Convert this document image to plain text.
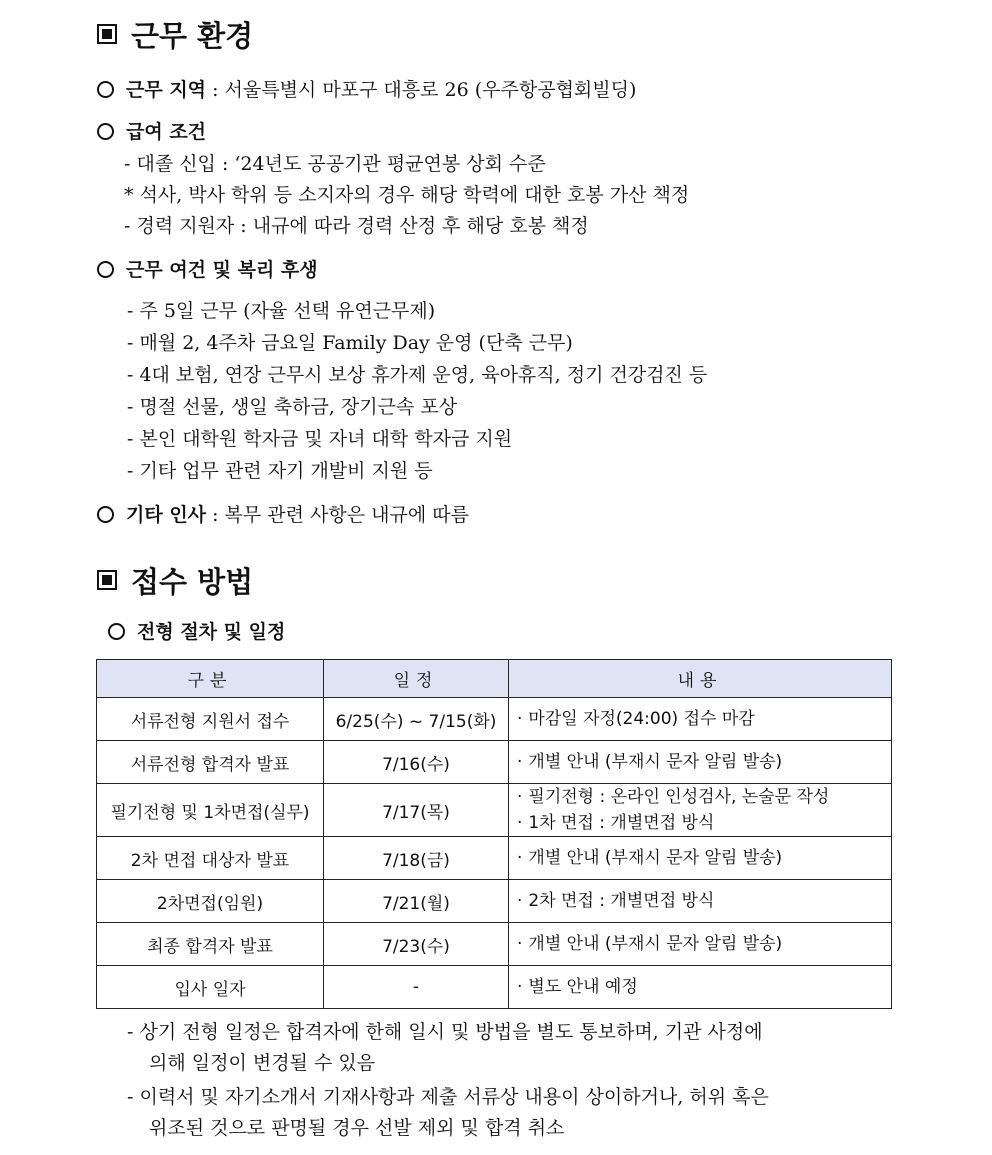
근무 환경
근무 지역 : 서울특별시 마포구 대흥로 26 (우주항공협회빌딩)
급여 조건
- 대졸 신입 : ‘24년도 공공기관 평균연봉 상회 수준
* 석사, 박사 학위 등 소지자의 경우 해당 학력에 대한 호봉 가산 책정
- 경력 지원자 : 내규에 따라 경력 산정 후 해당 호봉 책정
근무 여건 및 복리 후생
- 주 5일 근무 (자율 선택 유연근무제)
- 매월 2, 4주차 금요일 Family Day 운영 (단축 근무)
- 4대 보험, 연장 근무시 보상 휴가제 운영, 육아휴직, 정기 건강검진 등
- 명절 선물, 생일 축하금, 장기근속 포상
- 본인 대학원 학자금 및 자녀 대학 학자금 지원
- 기타 업무 관련 자기 개발비 지원 등
기타 인사 : 복무 관련 사항은 내규에 따름
접수 방법
전형 절차 및 일정
구분	일정	내용
서류전형 지원서 접수	6/25(수) ~ 7/15(화)	· 마감일 자정(24:00) 접수 마감

서류전형 합격자 발표	7/16(수)	· 개별 안내 (부재시 문자 알림 발송)

필기전형 및 1차면접(실무)	7/17(목)	· 필기전형 : 온라인 인성검사, 논술문 작성
· 1차 면접 : 개별면접 방식

2차 면접 대상자 발표	7/18(금)	· 개별 안내 (부재시 문자 알림 발송)

2차면접(임원)	7/21(월)	· 2차 면접 : 개별면접 방식

최종 합격자 발표	7/23(수)	· 개별 안내 (부재시 문자 알림 발송)

입사 일자	-	· 별도 안내 예정
- 상기 전형 일정은 합격자에 한해 일시 및 방법을 별도 통보하며, 기관 사정에
의해 일정이 변경될 수 있음
- 이력서 및 자기소개서 기재사항과 제출 서류상 내용이 상이하거나, 허위 혹은
위조된 것으로 판명될 경우 선발 제외 및 합격 취소
